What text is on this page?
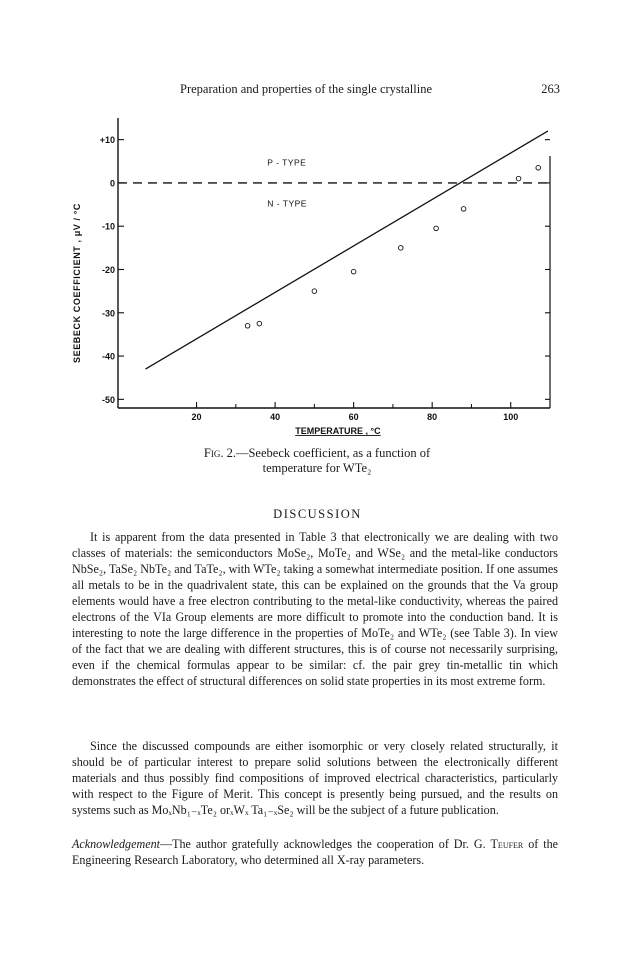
Preparation and properties of the single crystalline	263
+10
0
-10
-20
-30
-40
-50
20	40	60	80	100
P - TYPE
N - TYPE
SEEBECK COEFFICIENT , μV / °C
TEMPERATURE , °C
Fig. 2.—Seebeck coefficient, as a function of
temperature for WTe₂
DISCUSSION

It is apparent from the data presented in Table 3 that electronically we are dealing with two classes of materials: the semiconductors MoSe₂, MoTe₂ and WSe₂ and the metal-like conductors NbSe₂, TaSe₂ NbTe₂ and TaTe₂, with WTe₂ taking a somewhat intermediate position. If one assumes all metals to be in the quadrivalent state, this can be explained on the grounds that the Va group elements would have a free electron contributing to the metal-like conductivity, whereas the paired electrons of the VIa Group elements are more difficult to promote into the conduction band. It is interesting to note the large difference in the properties of MoTe₂ and WTe₂ (see Table 3). In view of the fact that we are dealing with different structures, this is of course not necessarily surprising, even if the chemical formulas appear to be similar: cf. the pair grey tin-metallic tin which demonstrates the effect of structural differences on solid state properties in its most extreme form.

Since the discussed compounds are either isomorphic or very closely related structurally, it should be of particular interest to prepare solid solutions between the electronically different materials and thus possibly find compositions of improved electrical characteristics, particularly with respect to the Figure of Merit. This concept is presently being pursued, and the results on systems such as MoₓNb₁₋ₓTe₂ orₓWₓ Ta₁₋ₓSe₂ will be the subject of a future publication.

Acknowledgement—The author gratefully acknowledges the cooperation of Dr. G. Teufer of the Engineering Research Laboratory, who determined all X-ray parameters.
